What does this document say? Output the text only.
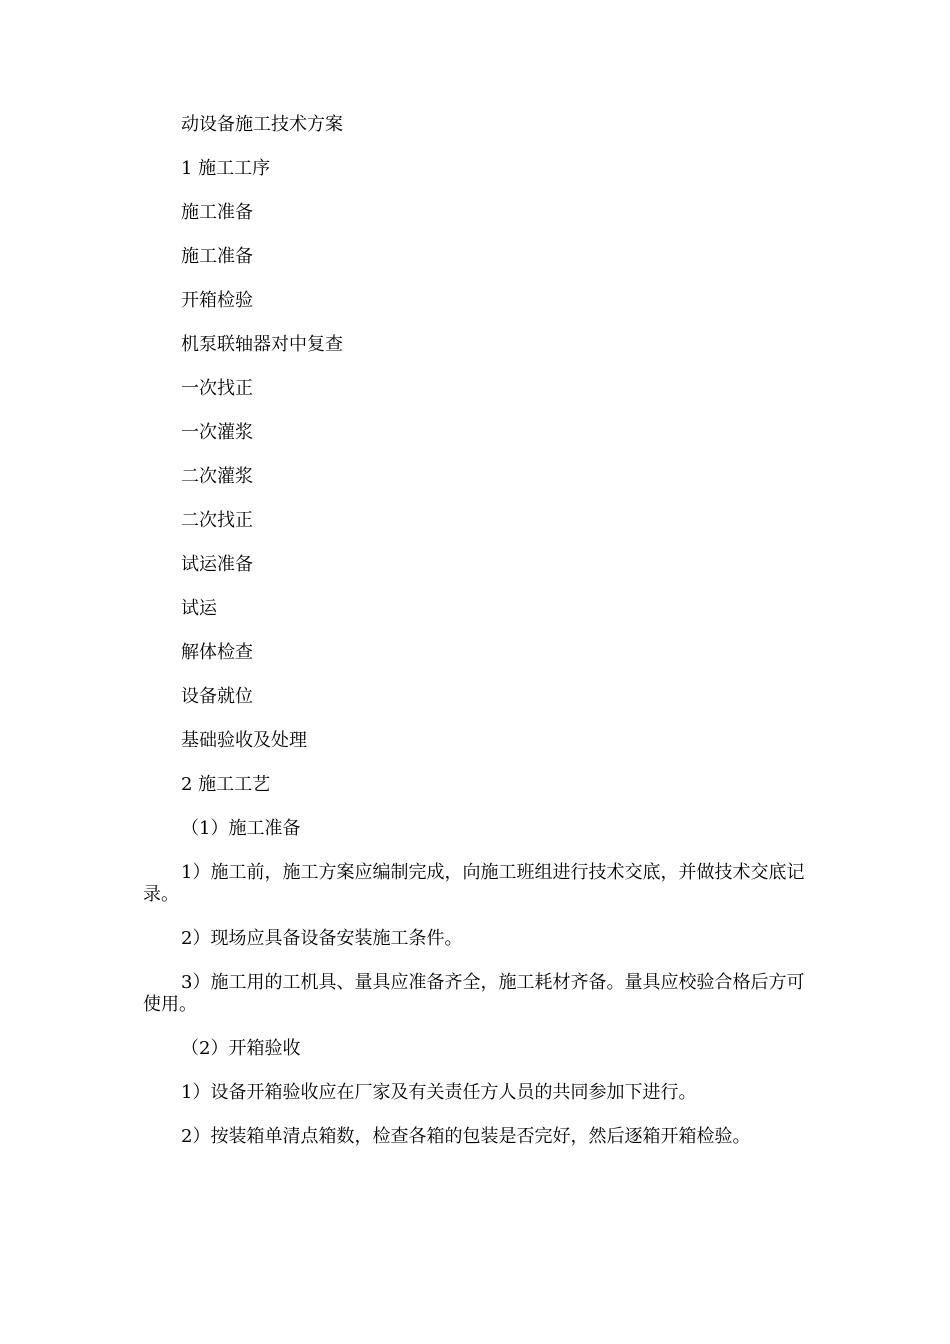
动设备施工技术方案

1 施工工序

施工准备

施工准备

开箱检验

机泵联轴器对中复查

一次找正

一次灌浆

二次灌浆

二次找正

试运准备

试运

解体检查

设备就位

基础验收及处理

2 施工工艺

（1）施工准备

1）施工前，施工方案应编制完成，向施工班组进行技术交底，并做技术交底记录。

2）现场应具备设备安装施工条件。

3）施工用的工机具、量具应准备齐全，施工耗材齐备。量具应校验合格后方可使用。

（2）开箱验收

1）设备开箱验收应在厂家及有关责任方人员的共同参加下进行。

2）按装箱单清点箱数，检查各箱的包装是否完好，然后逐箱开箱检验。
